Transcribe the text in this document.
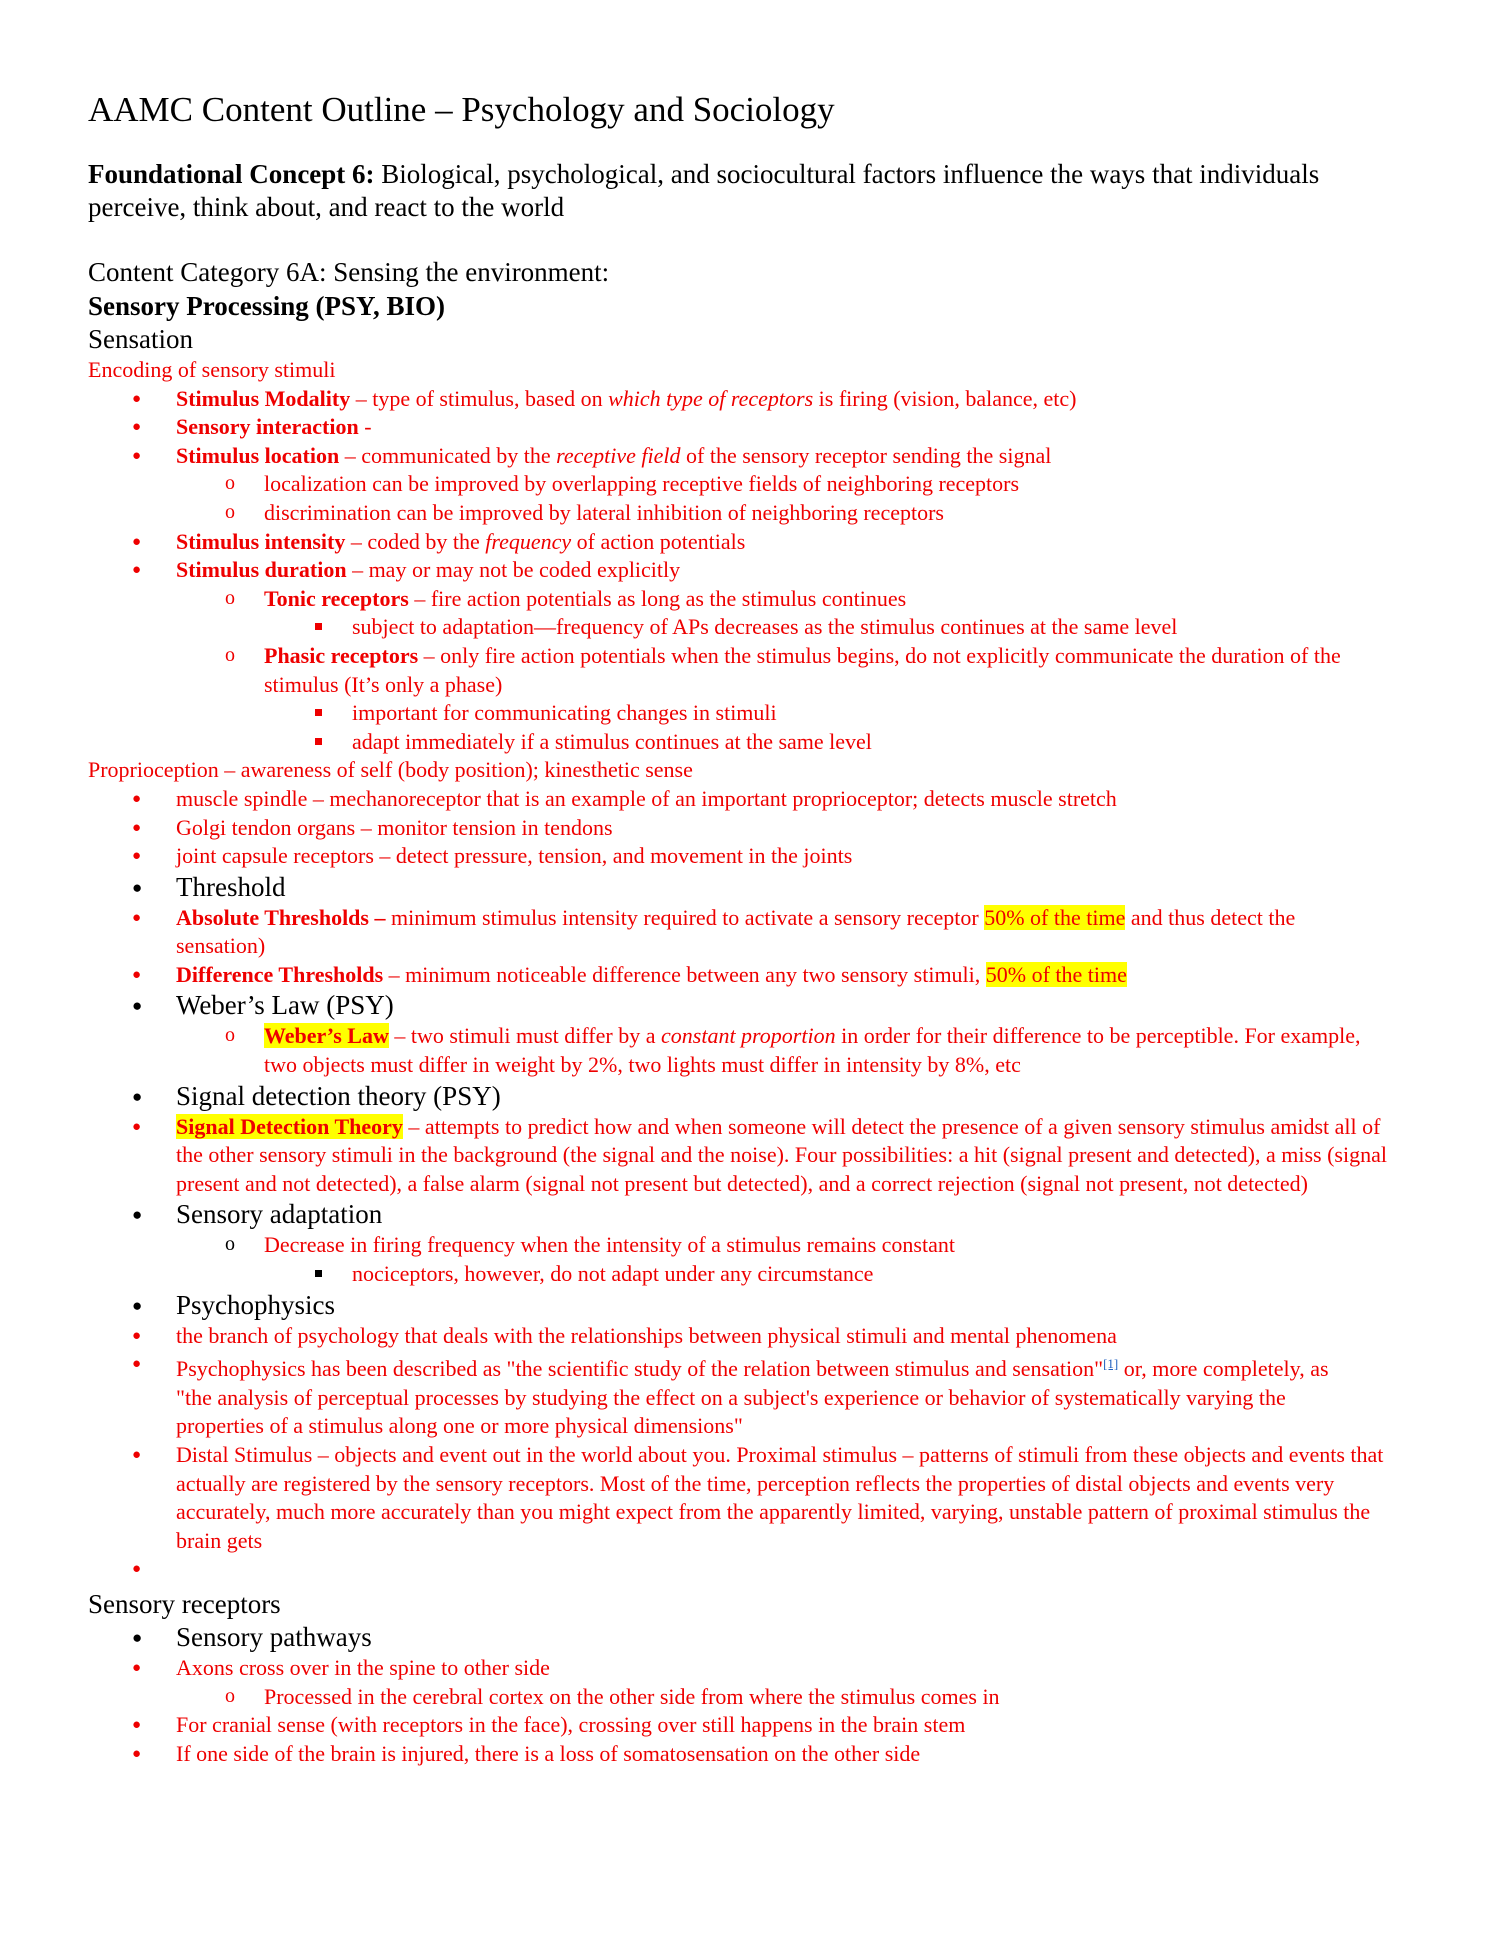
AAMC Content Outline – Psychology and Sociology

Foundational Concept 6: Biological, psychological, and sociocultural factors influence the ways that individuals perceive, think about, and react to the world

Content Category 6A: Sensing the environment:

Sensory Processing (PSY, BIO)

Sensation

Encoding of sensory stimuli

● Stimulus Modality – type of stimulus, based on which type of receptors is firing (vision, balance, etc)
● Sensory interaction -
● Stimulus location – communicated by the receptive field of the sensory receptor sending the signal
o localization can be improved by overlapping receptive fields of neighboring receptors
o discrimination can be improved by lateral inhibition of neighboring receptors
● Stimulus intensity – coded by the frequency of action potentials
● Stimulus duration – may or may not be coded explicitly
o Tonic receptors – fire action potentials as long as the stimulus continues
subject to adaptation—frequency of APs decreases as the stimulus continues at the same level
o Phasic receptors – only fire action potentials when the stimulus begins, do not explicitly communicate the duration of the stimulus (It’s only a phase)
important for communicating changes in stimuli
adapt immediately if a stimulus continues at the same level

Proprioception – awareness of self (body position); kinesthetic sense

● muscle spindle – mechanoreceptor that is an example of an important proprioceptor; detects muscle stretch
● Golgi tendon organs – monitor tension in tendons
● joint capsule receptors – detect pressure, tension, and movement in the joints
● Threshold
● Absolute Thresholds – minimum stimulus intensity required to activate a sensory receptor 50% of the time and thus detect the sensation)
● Difference Thresholds – minimum noticeable difference between any two sensory stimuli, 50% of the time
● Weber’s Law (PSY)
o Weber’s Law – two stimuli must differ by a constant proportion in order for their difference to be perceptible. For example, two objects must differ in weight by 2%, two lights must differ in intensity by 8%, etc
● Signal detection theory (PSY)
● Signal Detection Theory – attempts to predict how and when someone will detect the presence of a given sensory stimulus amidst all of the other sensory stimuli in the background (the signal and the noise). Four possibilities: a hit (signal present and detected), a miss (signal present and not detected), a false alarm (signal not present but detected), and a correct rejection (signal not present, not detected)
● Sensory adaptation
o Decrease in firing frequency when the intensity of a stimulus remains constant
nociceptors, however, do not adapt under any circumstance
● Psychophysics
● the branch of psychology that deals with the relationships between physical stimuli and mental phenomena
● Psychophysics has been described as "the scientific study of the relation between stimulus and sensation"[1] or, more completely, as "the analysis of perceptual processes by studying the effect on a subject's experience or behavior of systematically varying the properties of a stimulus along one or more physical dimensions"
● Distal Stimulus – objects and event out in the world about you. Proximal stimulus – patterns of stimuli from these objects and events that actually are registered by the sensory receptors. Most of the time, perception reflects the properties of distal objects and events very accurately, much more accurately than you might expect from the apparently limited, varying, unstable pattern of proximal stimulus the brain gets
●

Sensory receptors

● Sensory pathways
● Axons cross over in the spine to other side
o Processed in the cerebral cortex on the other side from where the stimulus comes in
● For cranial sense (with receptors in the face), crossing over still happens in the brain stem
● If one side of the brain is injured, there is a loss of somatosensation on the other side
